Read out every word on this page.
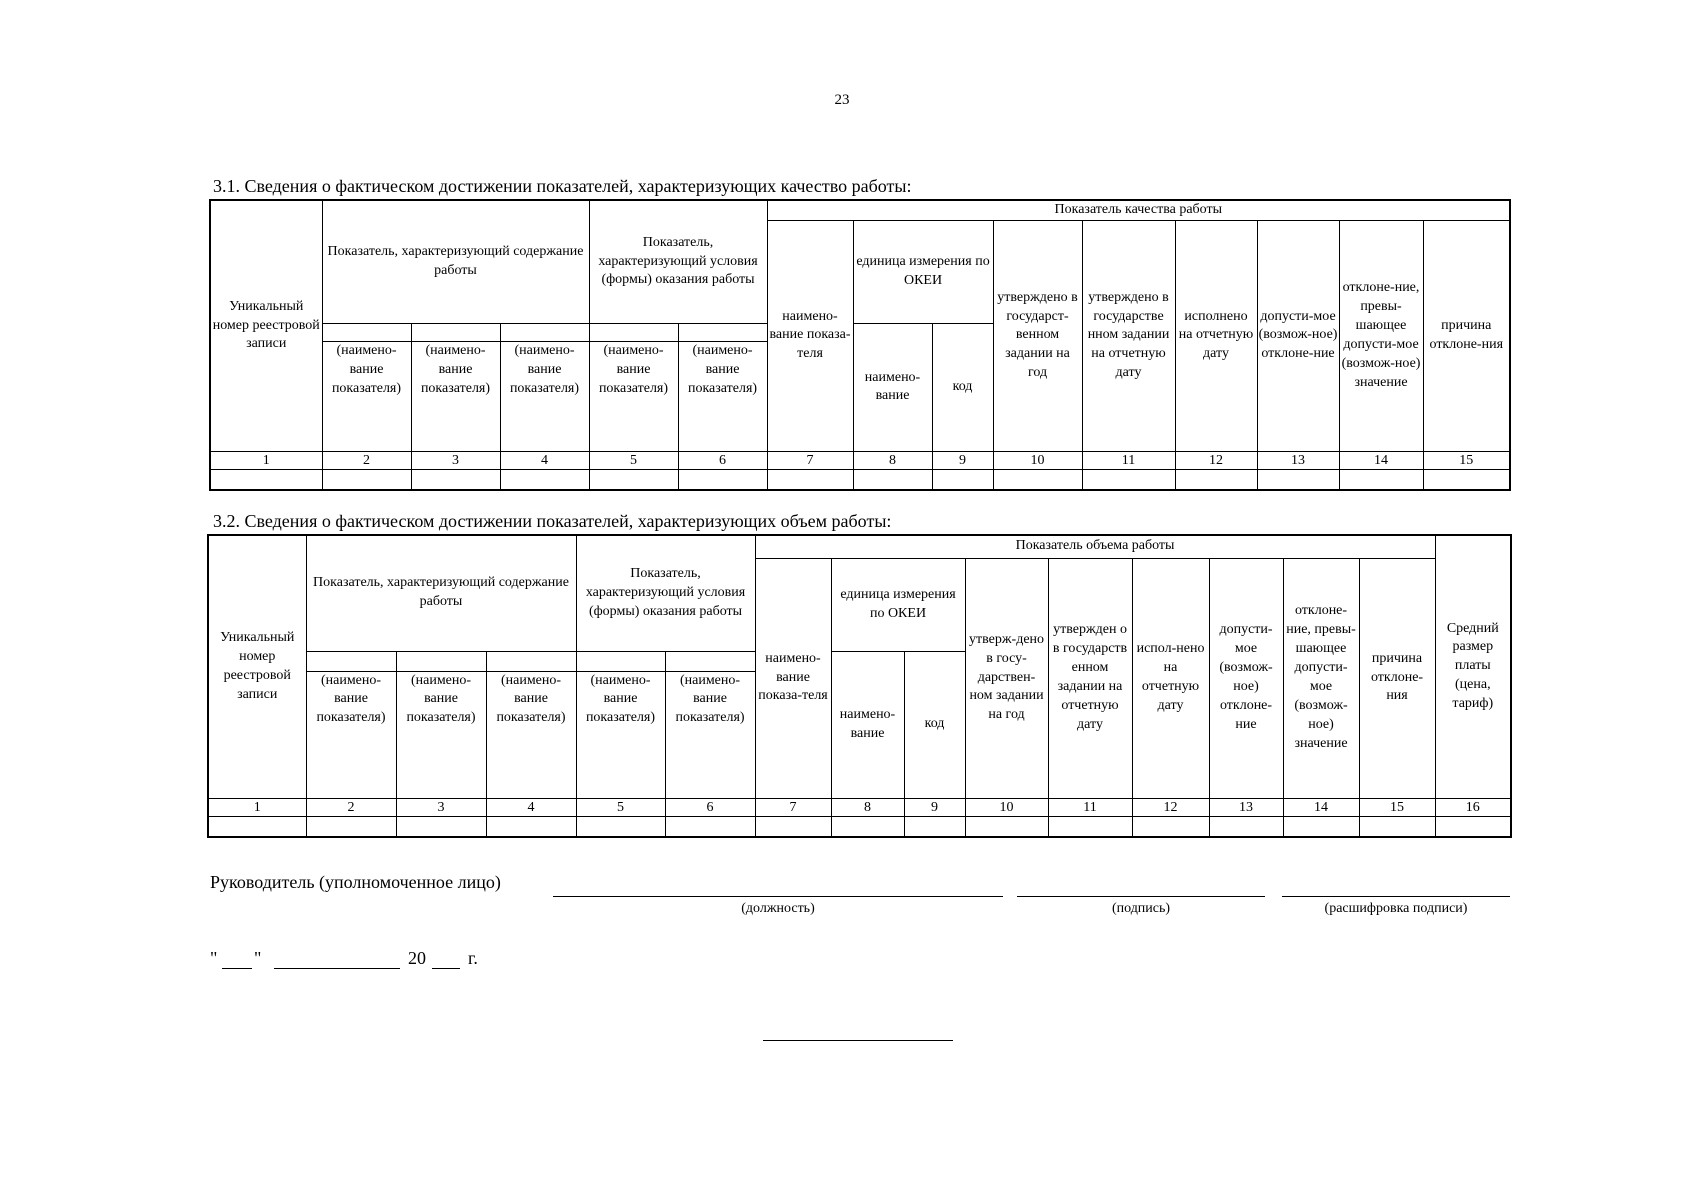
23
3.1. Сведения о фактическом достижении показателей, характеризующих качество работы:
Уникальный номер реестровой записи	Показатель, характеризующий содержание работы			Показатель, характеризующий условия (формы) оказания работы		Показатель качества работы								
						наимено-вание показа-теля	единица измерения по ОКЕИ		утверждено в государст-венном задании на год	утверждено в государстве нном задании на отчетную дату	исполнено на отчетную дату	допусти-мое (возмож-ное) отклоне-ние	отклоне-ние, превы-шающее допусти-мое (возмож-ное) значение	причина отклоне-ния
							наимено-вание	код						
	(наимено-вание показателя)	(наимено-вание показателя)	(наимено-вание показателя)	(наимено-вание показателя)	(наимено-вание показателя)									
1	2	3	4	5	6	7	8	9	10	11	12	13	14	15

3.2. Сведения о фактическом достижении показателей, характеризующих объем работы:
Уникальный номер реестровой записи	Показатель, характеризующий содержание работы			Показатель, характеризующий условия (формы) оказания работы		Показатель объема работы									Средний размер платы (цена, тариф)
						наимено-вание показа-теля	единица измерения по ОКЕИ		утверж-дено в госу-дарствен-ном задании на год	утвержден о в государств енном задании на отчетную дату	испол-нено на отчетную дату	допусти-мое (возмож-ное) отклоне-ние	отклоне-ние, превы-шающее допусти-мое (возмож-ное) значение	причина отклоне-ния	
							наимено-вание	код							
	(наимено-вание показателя)	(наимено-вание показателя)	(наимено-вание показателя)	(наимено-вание показателя)	(наимено-вание показателя)										
1	2	3	4	5	6	7	8	9	10	11	12	13	14	15	16

Руководитель (уполномоченное лицо)
(должность)	(подпись)	(расшифровка подписи)
" "	20 г.
